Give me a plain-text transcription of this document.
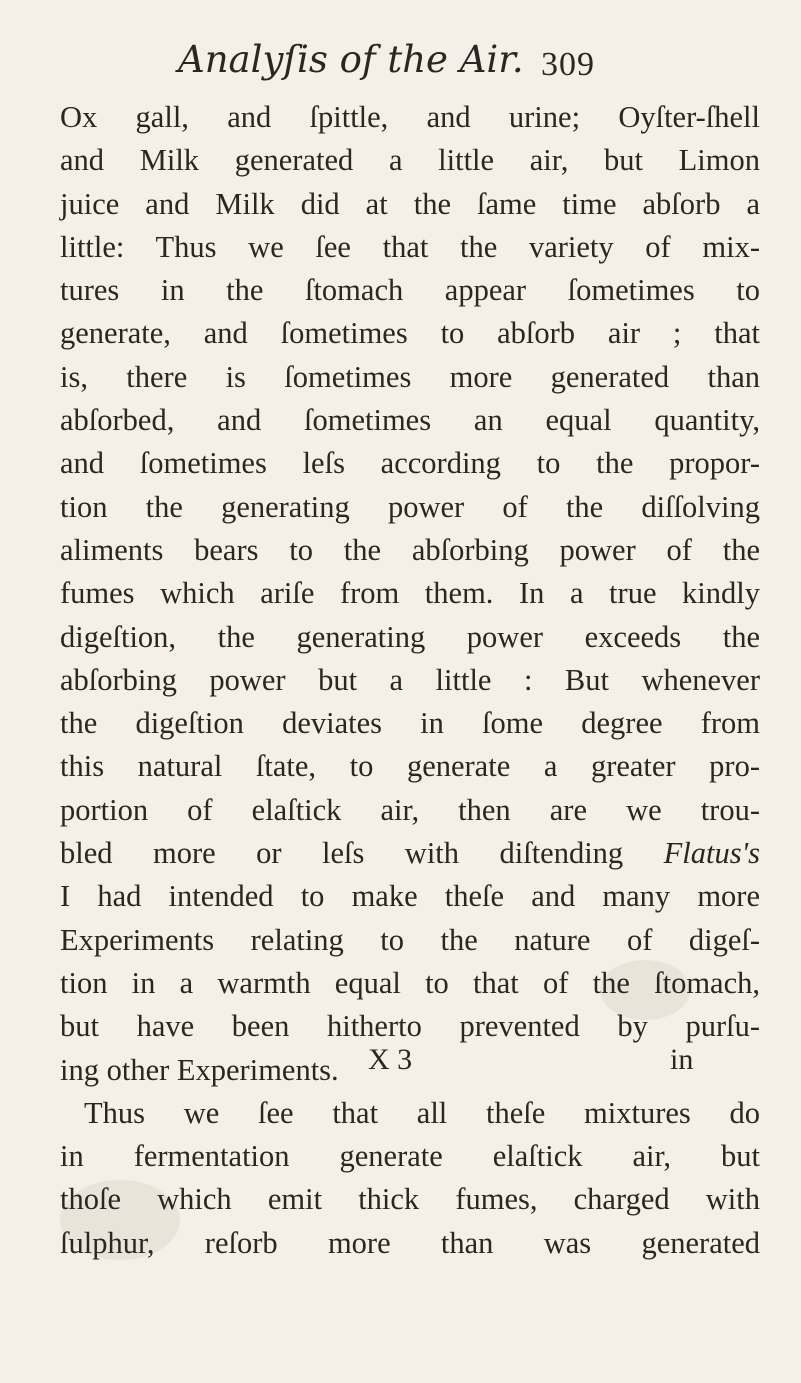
Analyſis of the Air. 309
Ox gall, and ſpittle, and urine; Oyſter-ſhell
and Milk generated a little air, but Limon
juice and Milk did at the ſame time abſorb a
little: Thus we ſee that the variety of mix-
tures in the ſtomach appear ſometimes to
generate, and ſometimes to abſorb air ; that
is, there is ſometimes more generated than
abſorbed, and ſometimes an equal quantity,
and ſometimes leſs according to the propor-
tion the generating power of the diſſolving
aliments bears to the abſorbing power of the
fumes which ariſe from them. In a true kindly
digeſtion, the generating power exceeds the
abſorbing power but a little : But whenever
the digeſtion deviates in ſome degree from
this natural ſtate, to generate a greater pro-
portion of elaſtick air, then are we trou-
bled more or leſs with diſtending Flatus's
I had intended to make theſe and many more
Experiments relating to the nature of digeſ-
tion in a warmth equal to that of the ſtomach,
but have been hitherto prevented by purſu-
ing other Experiments.
Thus we ſee that all theſe mixtures do
in fermentation generate elaſtick air, but
thoſe which emit thick fumes, charged with
ſulphur, reſorb more than was generated
X 3	in
